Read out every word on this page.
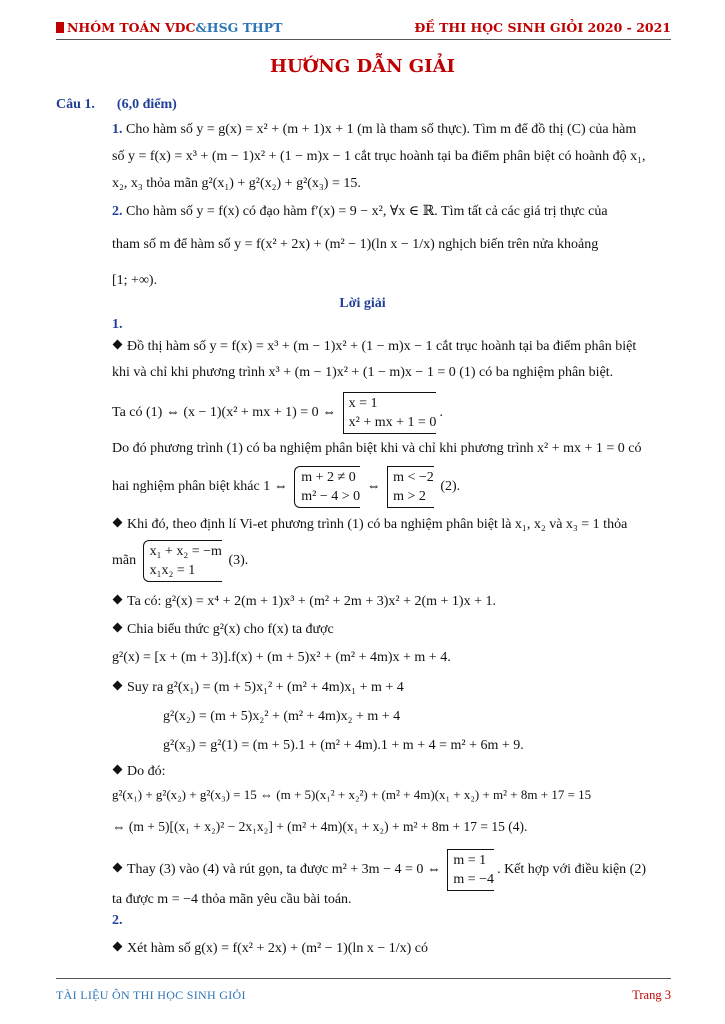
NHÓM TOÁN VDC&HSG THPT	ĐỀ THI HỌC SINH GIỎI 2020 - 2021
HƯỚNG DẪN GIẢI
Câu 1. (6,0 điểm)
1. Cho hàm số y = g(x) = x² + (m + 1)x + 1 (m là tham số thực). Tìm m để đồ thị (C) của hàm
số y = f(x) = x³ + (m − 1)x² + (1 − m)x − 1 cắt trục hoành tại ba điểm phân biệt có hoành độ x₁,
x₂, x₃ thỏa mãn g²(x₁) + g²(x₂) + g²(x₃) = 15.
2. Cho hàm số y = f(x) có đạo hàm f′(x) = 9 − x², ∀x ∈ ℝ. Tìm tất cả các giá trị thực của
tham số m để hàm số y = f(x² + 2x) + (m² − 1)(ln x − 1/x) nghịch biến trên nửa khoảng
[1; +∞).
Lời giải
1.
Đồ thị hàm số y = f(x) = x³ + (m − 1)x² + (1 − m)x − 1 cắt trục hoành tại ba điểm phân biệt
khi và chỉ khi phương trình x³ + (m − 1)x² + (1 − m)x − 1 = 0 (1) có ba nghiệm phân biệt.
Ta có (1) ⇔ (x − 1)(x² + mx + 1) = 0 ⇔
x = 1
x² + mx + 1 = 0
.
Do đó phương trình (1) có ba nghiệm phân biệt khi và chỉ khi phương trình x² + mx + 1 = 0 có
hai nghiệm phân biệt khác 1 ⇔
m + 2 ≠ 0
m² − 4 > 0
⇔
m < −2
m > 2
(2).
Khi đó, theo định lí Vi-et phương trình (1) có ba nghiệm phân biệt là x₁, x₂ và x₃ = 1 thỏa
mãn
x₁ + x₂ = −m
x₁x₂ = 1
(3).
Ta có: g²(x) = x⁴ + 2(m + 1)x³ + (m² + 2m + 3)x² + 2(m + 1)x + 1.
Chia biểu thức g²(x) cho f(x) ta được
g²(x) = [x + (m + 3)].f(x) + (m + 5)x² + (m² + 4m)x + m + 4.
Suy ra g²(x₁) = (m + 5)x₁² + (m² + 4m)x₁ + m + 4
g²(x₂) = (m + 5)x₂² + (m² + 4m)x₂ + m + 4
g²(x₃) = g²(1) = (m + 5).1 + (m² + 4m).1 + m + 4 = m² + 6m + 9.
Do đó:
g²(x₁) + g²(x₂) + g²(x₃) = 15 ⇔ (m + 5)(x₁² + x₂²) + (m² + 4m)(x₁ + x₂) + m² + 8m + 17 = 15
⇔ (m + 5)[(x₁ + x₂)² − 2x₁x₂] + (m² + 4m)(x₁ + x₂) + m² + 8m + 17 = 15 (4).
Thay (3) vào (4) và rút gọn, ta được m² + 3m − 4 = 0 ⇔
m = 1
m = −4
. Kết hợp với điều kiện (2)
ta được m = −4 thỏa mãn yêu cầu bài toán.
2.
Xét hàm số g(x) = f(x² + 2x) + (m² − 1)(ln x − 1/x) có
TÀI LIỆU ÔN THI HỌC SINH GIỎI	Trang 3
